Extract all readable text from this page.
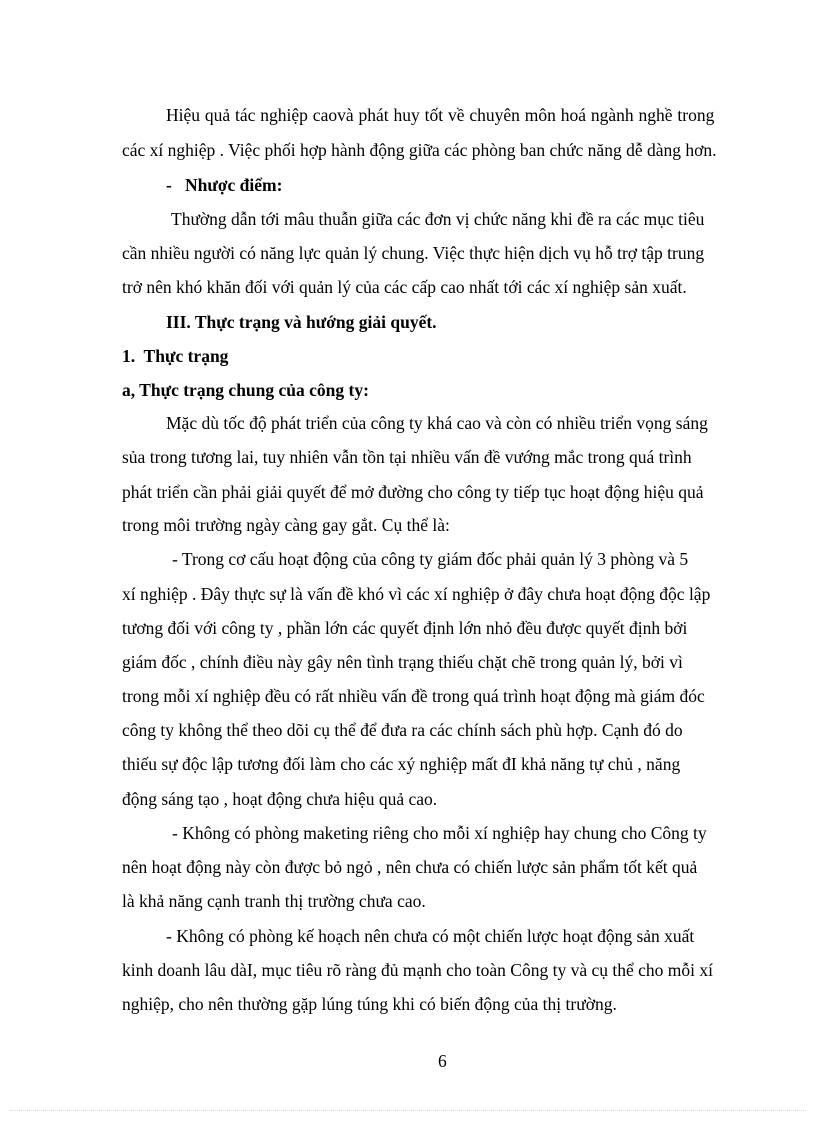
Hiệu quả tác nghiệp caovà phát huy tốt về chuyên môn hoá ngành nghề trong
các xí nghiệp . Việc phối hợp hành động giữa các phòng ban chức năng dễ dàng hơn.
-   Nhược điểm:
Thường dẫn tới mâu thuẫn giữa các đơn vị chức năng khi đề ra các mục tiêu
cần nhiều người có năng lực quản lý chung. Việc thực hiện dịch vụ hỗ trợ tập trung
trở nên khó khăn đối với quản lý của các cấp cao nhất tới các xí nghiệp sản xuất.
III. Thực trạng và hướng giải quyết.
1.  Thực trạng
a, Thực trạng chung của công ty:
Mặc dù tốc độ phát triển của công ty khá cao và còn có nhiều triển vọng sáng
sủa trong tương lai, tuy nhiên vẫn tồn tại nhiều vấn đề vướng mắc trong quá trình
phát triển cần phải giải quyết để mở đường cho công ty tiếp tục hoạt động hiệu quả
trong môi trường ngày càng gay gắt. Cụ thể là:
- Trong cơ cấu hoạt động của công ty giám đốc phải quản lý 3 phòng và 5
xí nghiệp . Đây thực sự là vấn đề khó vì các xí nghiệp ở đây chưa hoạt động độc lập
tương đối với công ty , phần lớn các quyết định lớn nhỏ đều được quyết định bởi
giám đốc , chính điều này gây nên tình trạng thiếu chặt chẽ trong quản lý, bởi vì
trong mỗi xí nghiệp đều có rất nhiều vấn đề trong quá trình hoạt động mà giám đóc
công ty không thể theo dõi cụ thể để đưa ra các chính sách phù hợp. Cạnh đó do
thiếu sự độc lập tương đối làm cho các xý nghiệp mất đI khả năng tự chủ , năng
động sáng tạo , hoạt động chưa hiệu quả cao.
- Không có phòng maketing riêng cho mỗi xí nghiệp hay chung cho Công ty
nên hoạt động này còn được bỏ ngỏ , nên chưa có chiến lược sản phẩm tốt kết quả
là khả năng cạnh tranh thị trường chưa cao.
- Không có phòng kế hoạch nên chưa có một chiến lược hoạt động sản xuất
kinh doanh lâu dàI, mục tiêu rõ ràng đủ mạnh cho toàn Công ty và cụ thể cho mỗi xí
nghiệp, cho nên thường gặp lúng túng khi có biến động của thị trường.
6
